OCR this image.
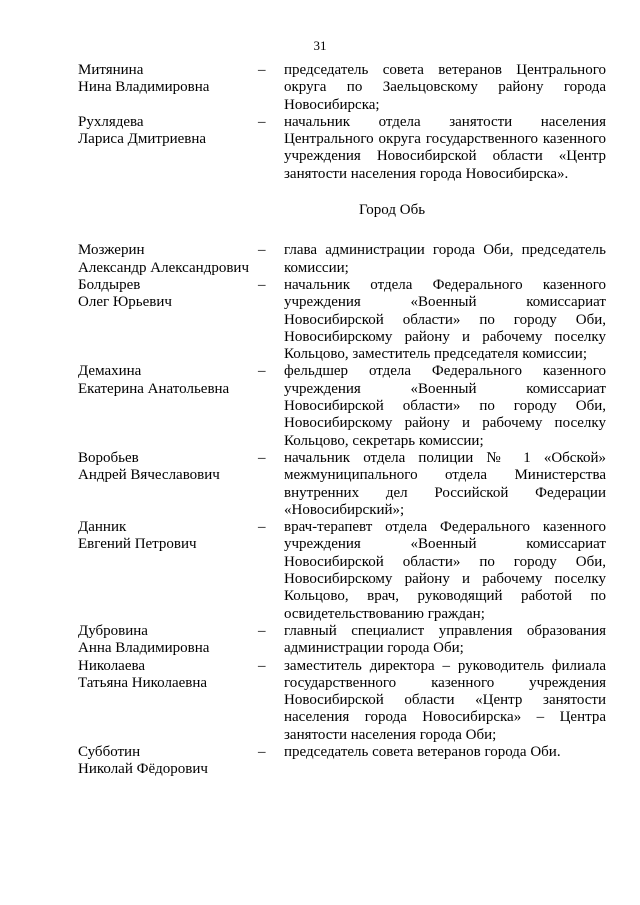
31
Митянина
Нина Владимировна
–	председатель совета ветеранов Центрального округа по Заельцовскому району города Новосибирска;
Рухлядева
Лариса Дмитриевна
–	начальник отдела занятости населения Центрального округа государственного казенного учреждения Новосибирской области «Центр занятости населения города Новосибирска».
Город Обь
Мозжерин
Александр Александрович
–	глава администрации города Оби, председатель комиссии;
Болдырев
Олег Юрьевич
–	начальник отдела Федерального казенного учреждения «Военный комиссариат Новосибирской области» по городу Оби, Новосибирскому району и рабочему поселку Кольцово, заместитель председателя комиссии;
Демахина
Екатерина Анатольевна
–	фельдшер отдела Федерального казенного учреждения «Военный комиссариат Новосибирской области» по городу Оби, Новосибирскому району и рабочему поселку Кольцово, секретарь комиссии;
Воробьев
Андрей Вячеславович
–	начальник отдела полиции № 1 «Обской» межмуниципального отдела Министерства внутренних дел Российской Федерации «Новосибирский»;
Данник
Евгений Петрович
–	врач-терапевт отдела Федерального казенного учреждения «Военный комиссариат Новосибирской области» по городу Оби, Новосибирскому району и рабочему поселку Кольцово, врач, руководящий работой по освидетельствованию граждан;
Дубровина
Анна Владимировна
–	главный специалист управления образования администрации города Оби;
Николаева
Татьяна Николаевна
–	заместитель директора – руководитель филиала государственного казенного учреждения Новосибирской области «Центр занятости населения города Новосибирска» – Центра занятости населения города Оби;
Субботин
Николай Фёдорович
–	председатель совета ветеранов города Оби.
